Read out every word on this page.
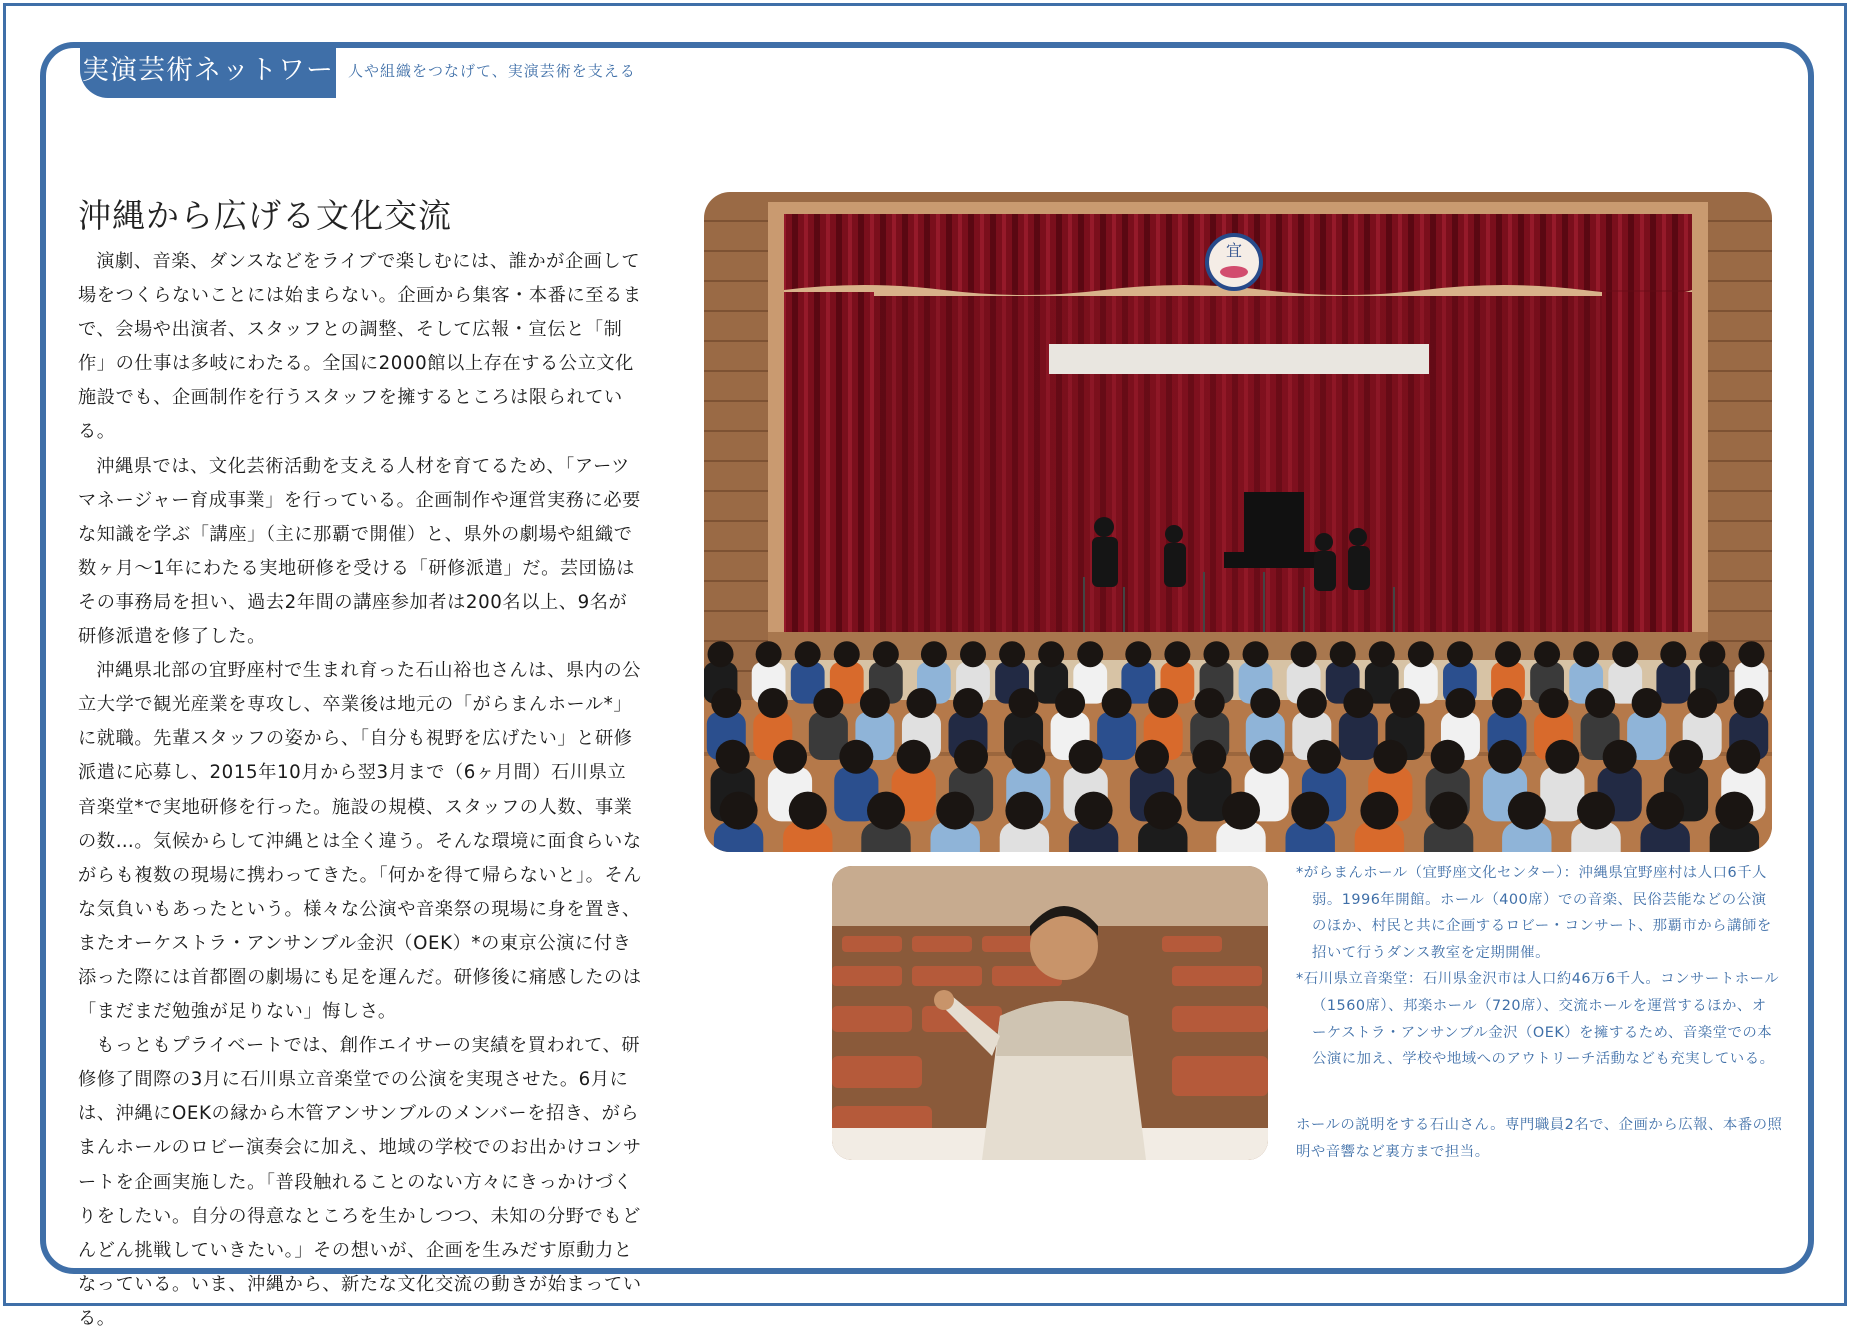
実演芸術ネットワーク
人や組織をつなげて、実演芸術を支える
沖縄から広げる文化交流

演劇、音楽、ダンスなどをライブで楽しむには、誰かが企画して場をつくらないことには始まらない。企画から集客・本番に至るまで、会場や出演者、スタッフとの調整、そして広報・宣伝と「制作」の仕事は多岐にわたる。全国に2000館以上存在する公立文化施設でも、企画制作を行うスタッフを擁するところは限られている。

沖縄県では、文化芸術活動を支える人材を育てるため、「アーツマネージャー育成事業」を行っている。企画制作や運営実務に必要な知識を学ぶ「講座」（主に那覇で開催）と、県外の劇場や組織で数ヶ月〜1年にわたる実地研修を受ける「研修派遣」だ。芸団協はその事務局を担い、過去2年間の講座参加者は200名以上、9名が研修派遣を修了した。

沖縄県北部の宜野座村で生まれ育った石山裕也さんは、県内の公立大学で観光産業を専攻し、卒業後は地元の「がらまんホール*」に就職。先輩スタッフの姿から、「自分も視野を広げたい」と研修派遣に応募し、2015年10月から翌3月まで（6ヶ月間）石川県立音楽堂*で実地研修を行った。施設の規模、スタッフの人数、事業の数…。気候からして沖縄とは全く違う。そんな環境に面食らいながらも複数の現場に携わってきた。「何かを得て帰らないと」。そんな気負いもあったという。様々な公演や音楽祭の現場に身を置き、またオーケストラ・アンサンブル金沢（OEK）*の東京公演に付き添った際には首都圏の劇場にも足を運んだ。研修後に痛感したのは「まだまだ勉強が足りない」悔しさ。

もっともプライベートでは、創作エイサーの実績を買われて、研修修了間際の3月に石川県立音楽堂での公演を実現させた。6月には、沖縄にOEKの縁から木管アンサンブルのメンバーを招き、がらまんホールのロビー演奏会に加え、地域の学校でのお出かけコンサートを企画実施した。「普段触れることのない方々にきっかけづくりをしたい。自分の得意なところを生かしつつ、未知の分野でもどんどん挑戦していきたい。」その想いが、企画を生みだす原動力となっている。いま、沖縄から、新たな文化交流の動きが始まっている。

宜

*がらまんホール（宜野座文化センター）：沖縄県宜野座村は人口6千人弱。1996年開館。ホール（400席）での音楽、民俗芸能などの公演のほか、村民と共に企画するロビー・コンサート、那覇市から講師を招いて行うダンス教室を定期開催。

*石川県立音楽堂：石川県金沢市は人口約46万6千人。コンサートホール（1560席）、邦楽ホール（720席）、交流ホールを運営するほか、オーケストラ・アンサンブル金沢（OEK）を擁するため、音楽堂での本公演に加え、学校や地域へのアウトリーチ活動なども充実している。

ホールの説明をする石山さん。専門職員2名で、企画から広報、本番の照明や音響など裏方まで担当。
